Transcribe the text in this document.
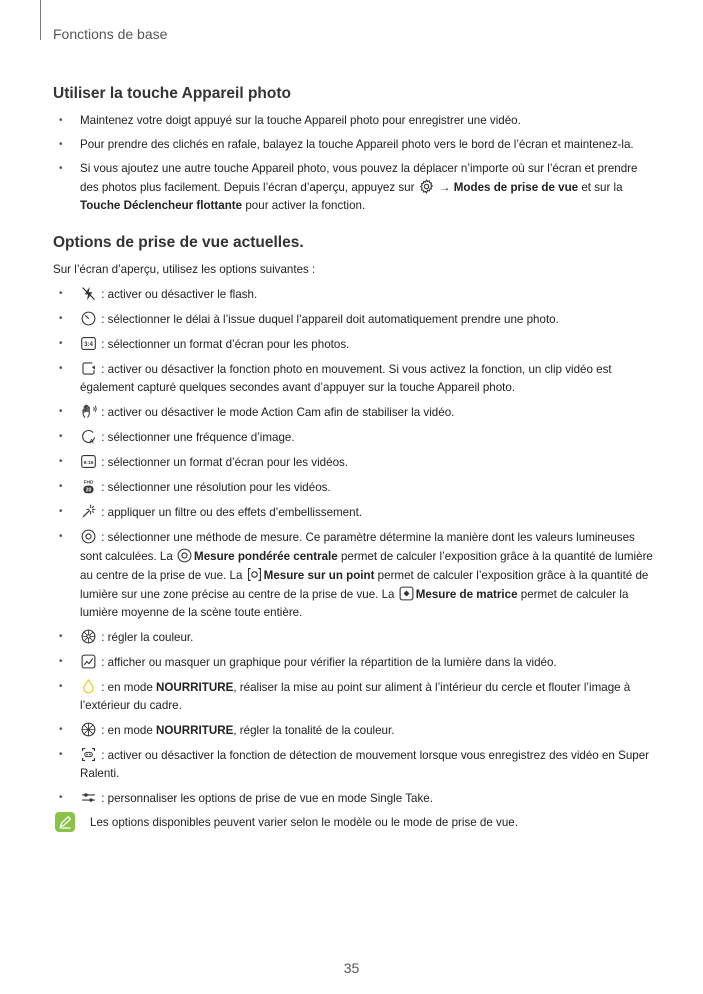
Fonctions de base
Utiliser la touche Appareil photo
• Maintenez votre doigt appuyé sur la touche Appareil photo pour enregistrer une vidéo.
• Pour prendre des clichés en rafale, balayez la touche Appareil photo vers le bord de l’écran et maintenez-la.
• Si vous ajoutez une autre touche Appareil photo, vous pouvez la déplacer n’importe où sur l’écran et prendre des photos plus facilement. Depuis l’écran d’aperçu, appuyez sur
→ Modes de prise de vue et sur la Touche Déclencheur flottante pour activer la fonction.
Options de prise de vue actuelles.
Sur l’écran d’aperçu, utilisez les options suivantes :
• : activer ou désactiver le flash.
• : sélectionner le délai à l’issue duquel l’appareil doit automatiquement prendre une photo.
• 3:4 : sélectionner un format d’écran pour les photos.
• : activer ou désactiver la fonction photo en mouvement. Si vous activez la fonction, un clip vidéo est également capturé quelques secondes avant d’appuyer sur la touche Appareil photo.
• : activer ou désactiver le mode Action Cam afin de stabiliser la vidéo.
• A : sélectionner une fréquence d’image.
• 9:16 : sélectionner un format d’écran pour les vidéos.
• FHD
30 : sélectionner une résolution pour les vidéos.
• : appliquer un filtre ou des effets d’embellissement.
• : sélectionner une méthode de mesure. Ce paramètre détermine la manière dont les valeurs lumineuses sont calculées. La
Mesure pondérée centrale permet de calculer l’exposition grâce à la quantité de lumière au centre de la prise de vue. La
Mesure sur un point permet de calculer l’exposition grâce à la quantité de lumière sur une zone précise au centre de la prise de vue. La
Mesure de matrice permet de calculer la lumière moyenne de la scène toute entière.
• : régler la couleur.
• : afficher ou masquer un graphique pour vérifier la répartition de la lumière dans la vidéo.
• : en mode NOURRITURE, réaliser la mise au point sur aliment à l’intérieur du cercle et flouter l’image à l’extérieur du cadre.
• : en mode NOURRITURE, régler la tonalité de la couleur.
• : activer ou désactiver la fonction de détection de mouvement lorsque vous enregistrez des vidéo en Super Ralenti.
• : personnaliser les options de prise de vue en mode Single Take.
Les options disponibles peuvent varier selon le modèle ou le mode de prise de vue.
35
